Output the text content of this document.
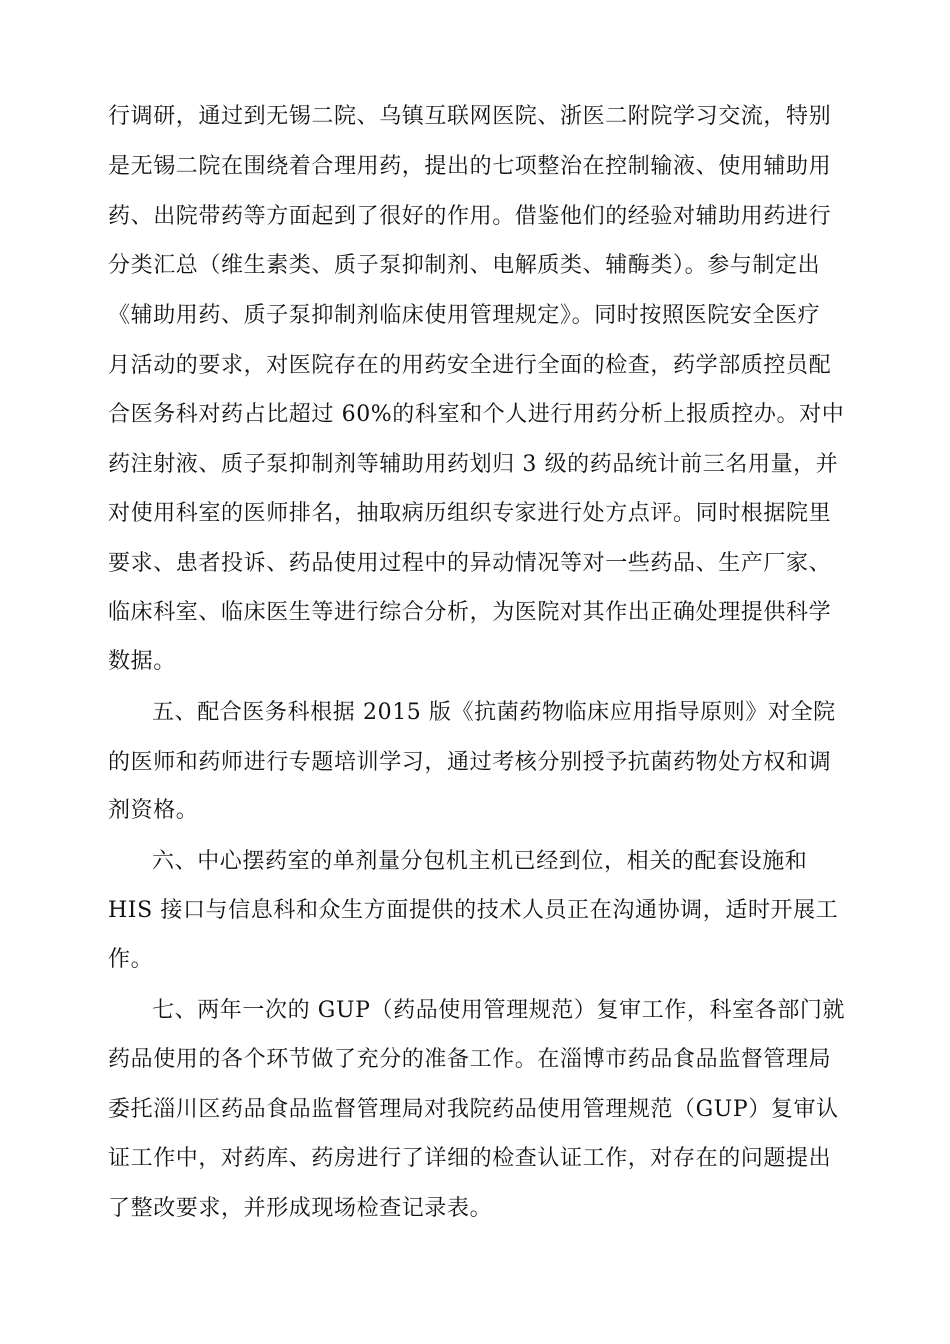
行调研，通过到无锡二院、乌镇互联网医院、浙医二附院学习交流，特别
是无锡二院在围绕着合理用药，提出的七项整治在控制输液、使用辅助用
药、出院带药等方面起到了很好的作用。借鉴他们的经验对辅助用药进行
分类汇总（维生素类、质子泵抑制剂、电解质类、辅酶类）。参与制定出
《辅助用药、质子泵抑制剂临床使用管理规定》。同时按照医院安全医疗
月活动的要求，对医院存在的用药安全进行全面的检查，药学部质控员配
合医务科对药占比超过 60%的科室和个人进行用药分析上报质控办。对中
药注射液、质子泵抑制剂等辅助用药划归 3 级的药品统计前三名用量，并
对使用科室的医师排名，抽取病历组织专家进行处方点评。同时根据院里
要求、患者投诉、药品使用过程中的异动情况等对一些药品、生产厂家、
临床科室、临床医生等进行综合分析，为医院对其作出正确处理提供科学
数据。
五、配合医务科根据 2015 版《抗菌药物临床应用指导原则》对全院
的医师和药师进行专题培训学习，通过考核分别授予抗菌药物处方权和调
剂资格。
六、中心摆药室的单剂量分包机主机已经到位，相关的配套设施和
HIS 接口与信息科和众生方面提供的技术人员正在沟通协调，适时开展工
作。
七、两年一次的 GUP（药品使用管理规范）复审工作，科室各部门就
药品使用的各个环节做了充分的准备工作。在淄博市药品食品监督管理局
委托淄川区药品食品监督管理局对我院药品使用管理规范（GUP）复审认
证工作中，对药库、药房进行了详细的检查认证工作，对存在的问题提出
了整改要求，并形成现场检查记录表。
